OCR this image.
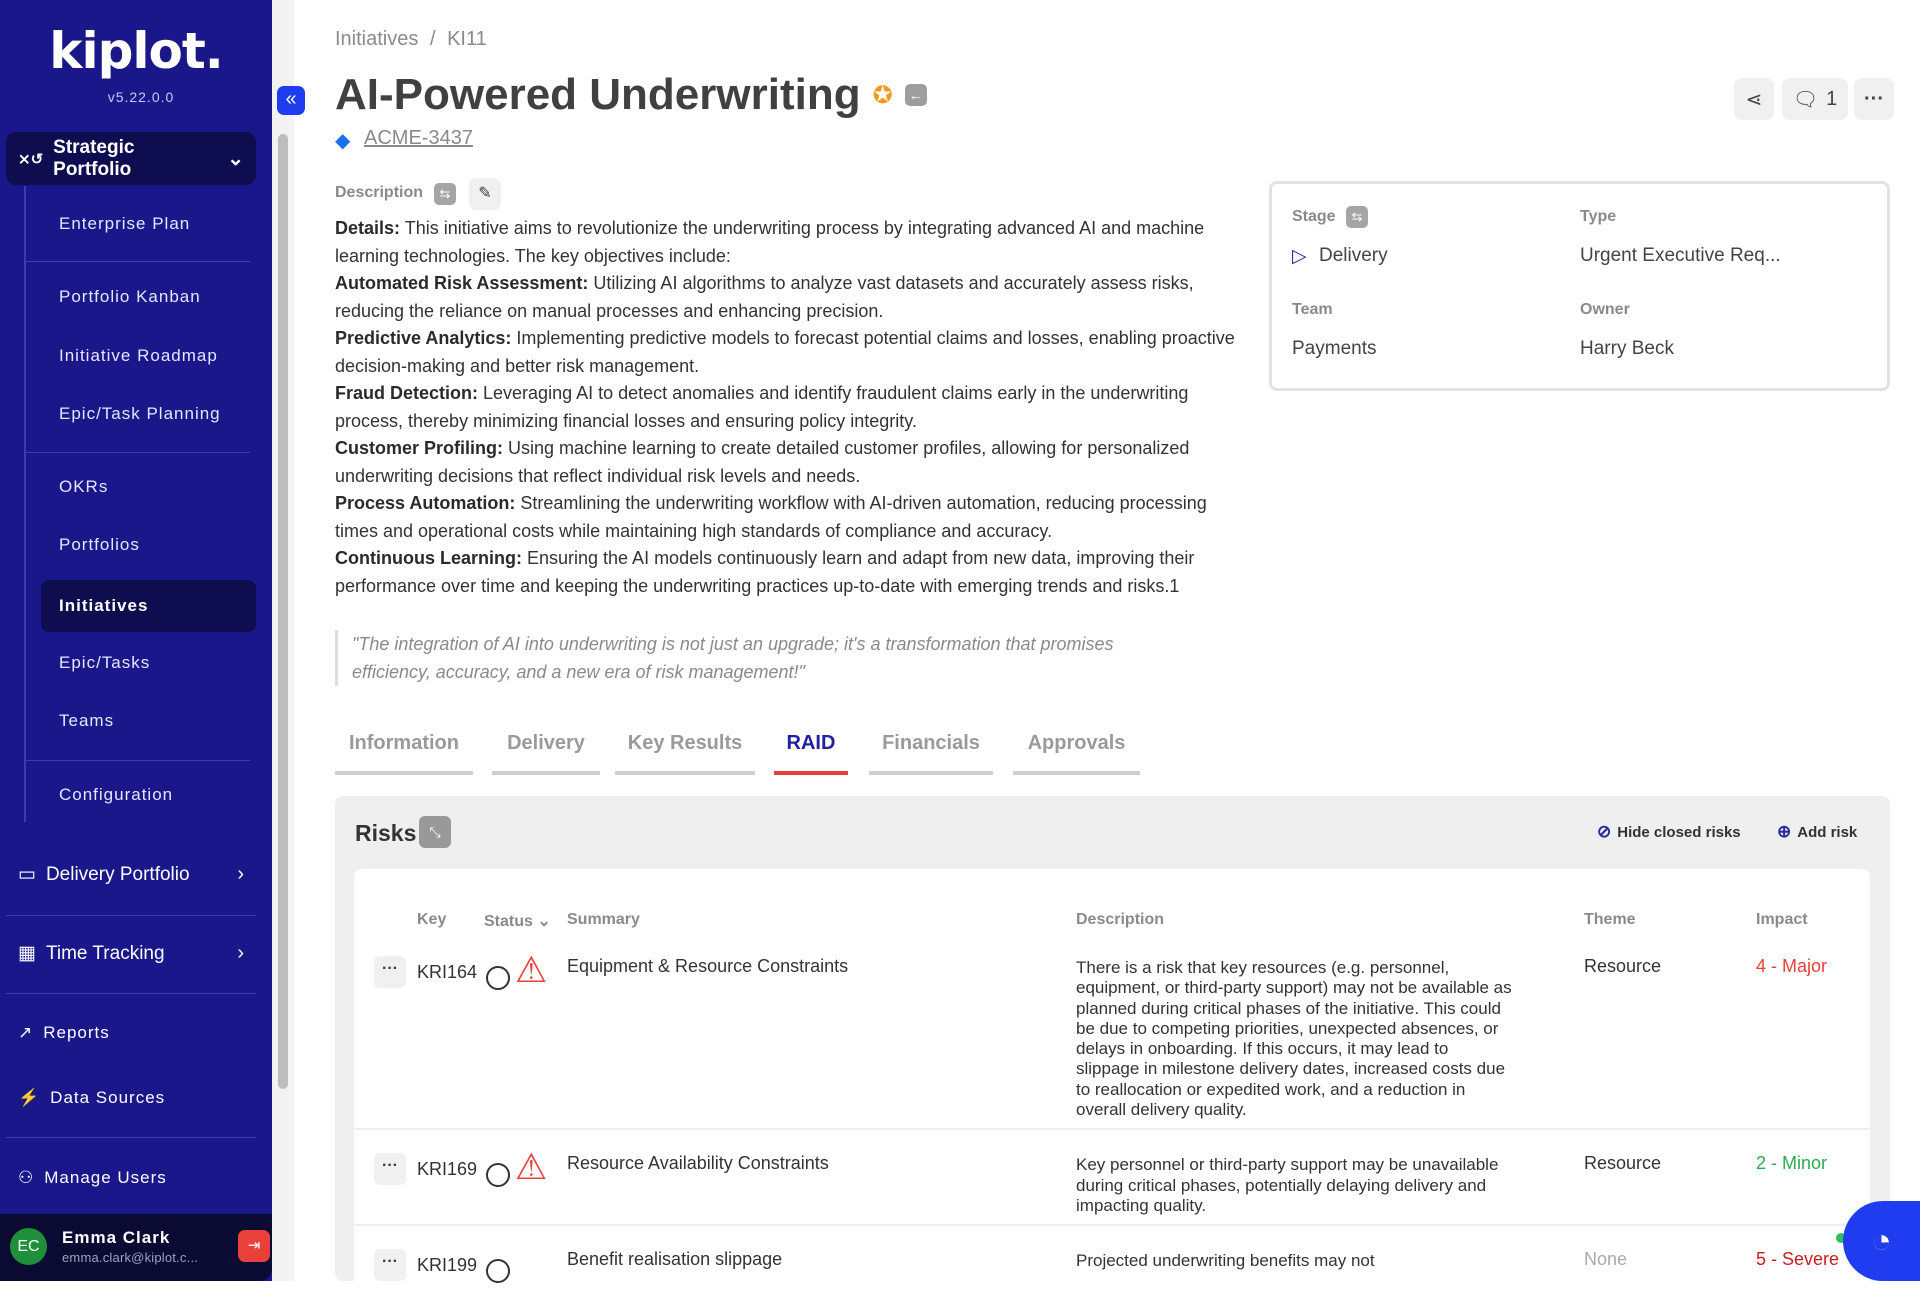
kiplot.
v5.22.0.0
⨯↺
Strategic Portfolio	⌄
Enterprise Plan
Portfolio Kanban
Initiative Roadmap
Epic/Task Planning
OKRs
Portfolios
Initiatives
Epic/Tasks
Teams
Configuration
▭ Delivery Portfolio ›
▦ Time Tracking	›
↗ Reports
⚡ Data Sources
⚇ Manage Users
EC	Emma Clark
emma.clark@kiplot.c...
⇥
«
Initiatives / KI11
AI-Powered Underwriting ✪ ←
◆ ACME-3437
⋖ 🗨 1 ···
Description	⇆	✎
Details: This initiative aims to revolutionize the underwriting process by integrating advanced AI and machine learning technologies. The key objectives include:
Automated Risk Assessment: Utilizing AI algorithms to analyze vast datasets and accurately assess risks, reducing the reliance on manual processes and enhancing precision.
Predictive Analytics: Implementing predictive models to forecast potential claims and losses, enabling proactive decision-making and better risk management.
Fraud Detection: Leveraging AI to detect anomalies and identify fraudulent claims early in the underwriting process, thereby minimizing financial losses and ensuring policy integrity.
Customer Profiling: Using machine learning to create detailed customer profiles, allowing for personalized underwriting decisions that reflect individual risk levels and needs.
Process Automation: Streamlining the underwriting workflow with AI-driven automation, reducing processing times and operational costs while maintaining high standards of compliance and accuracy.
Continuous Learning: Ensuring the AI models continuously learn and adapt from new data, improving their performance over time and keeping the underwriting practices up-to-date with emerging trends and risks.1
"The integration of AI into underwriting is not just an upgrade; it's a transformation that promises efficiency, accuracy, and a new era of risk management!"
Stage	⇆
▷ Delivery
Type
Urgent Executive Req...
Team
Payments
Owner
Harry Beck
Information	Delivery	Key Results	RAID	Financials	Approvals
Risks ⤡	⊘ Hide closed risks ⊕ Add risk
Key Status ⌄ Summary	Description	Theme	Impact
···	KRI164 ⚠ Equipment & Resource Constraints	There is a risk that key resources (e.g. personnel, equipment, or third-party support) may not be available as planned during critical phases of the initiative. This could be due to competing priorities, unexpected absences, or delays in onboarding. If this occurs, it may lead to slippage in milestone delivery dates, increased costs due to reallocation or expedited work, and a reduction in overall delivery quality.
Resource	4 - Major
···	KRI169 ⚠ Resource Availability Constraints	Key personnel or third-party support may be unavailable during critical phases, potentially delaying delivery and impacting quality.
Resource	2 - Minor
···	KRI199	Benefit realisation slippage	Projected underwriting benefits may not	None	5 - Severe ◔
